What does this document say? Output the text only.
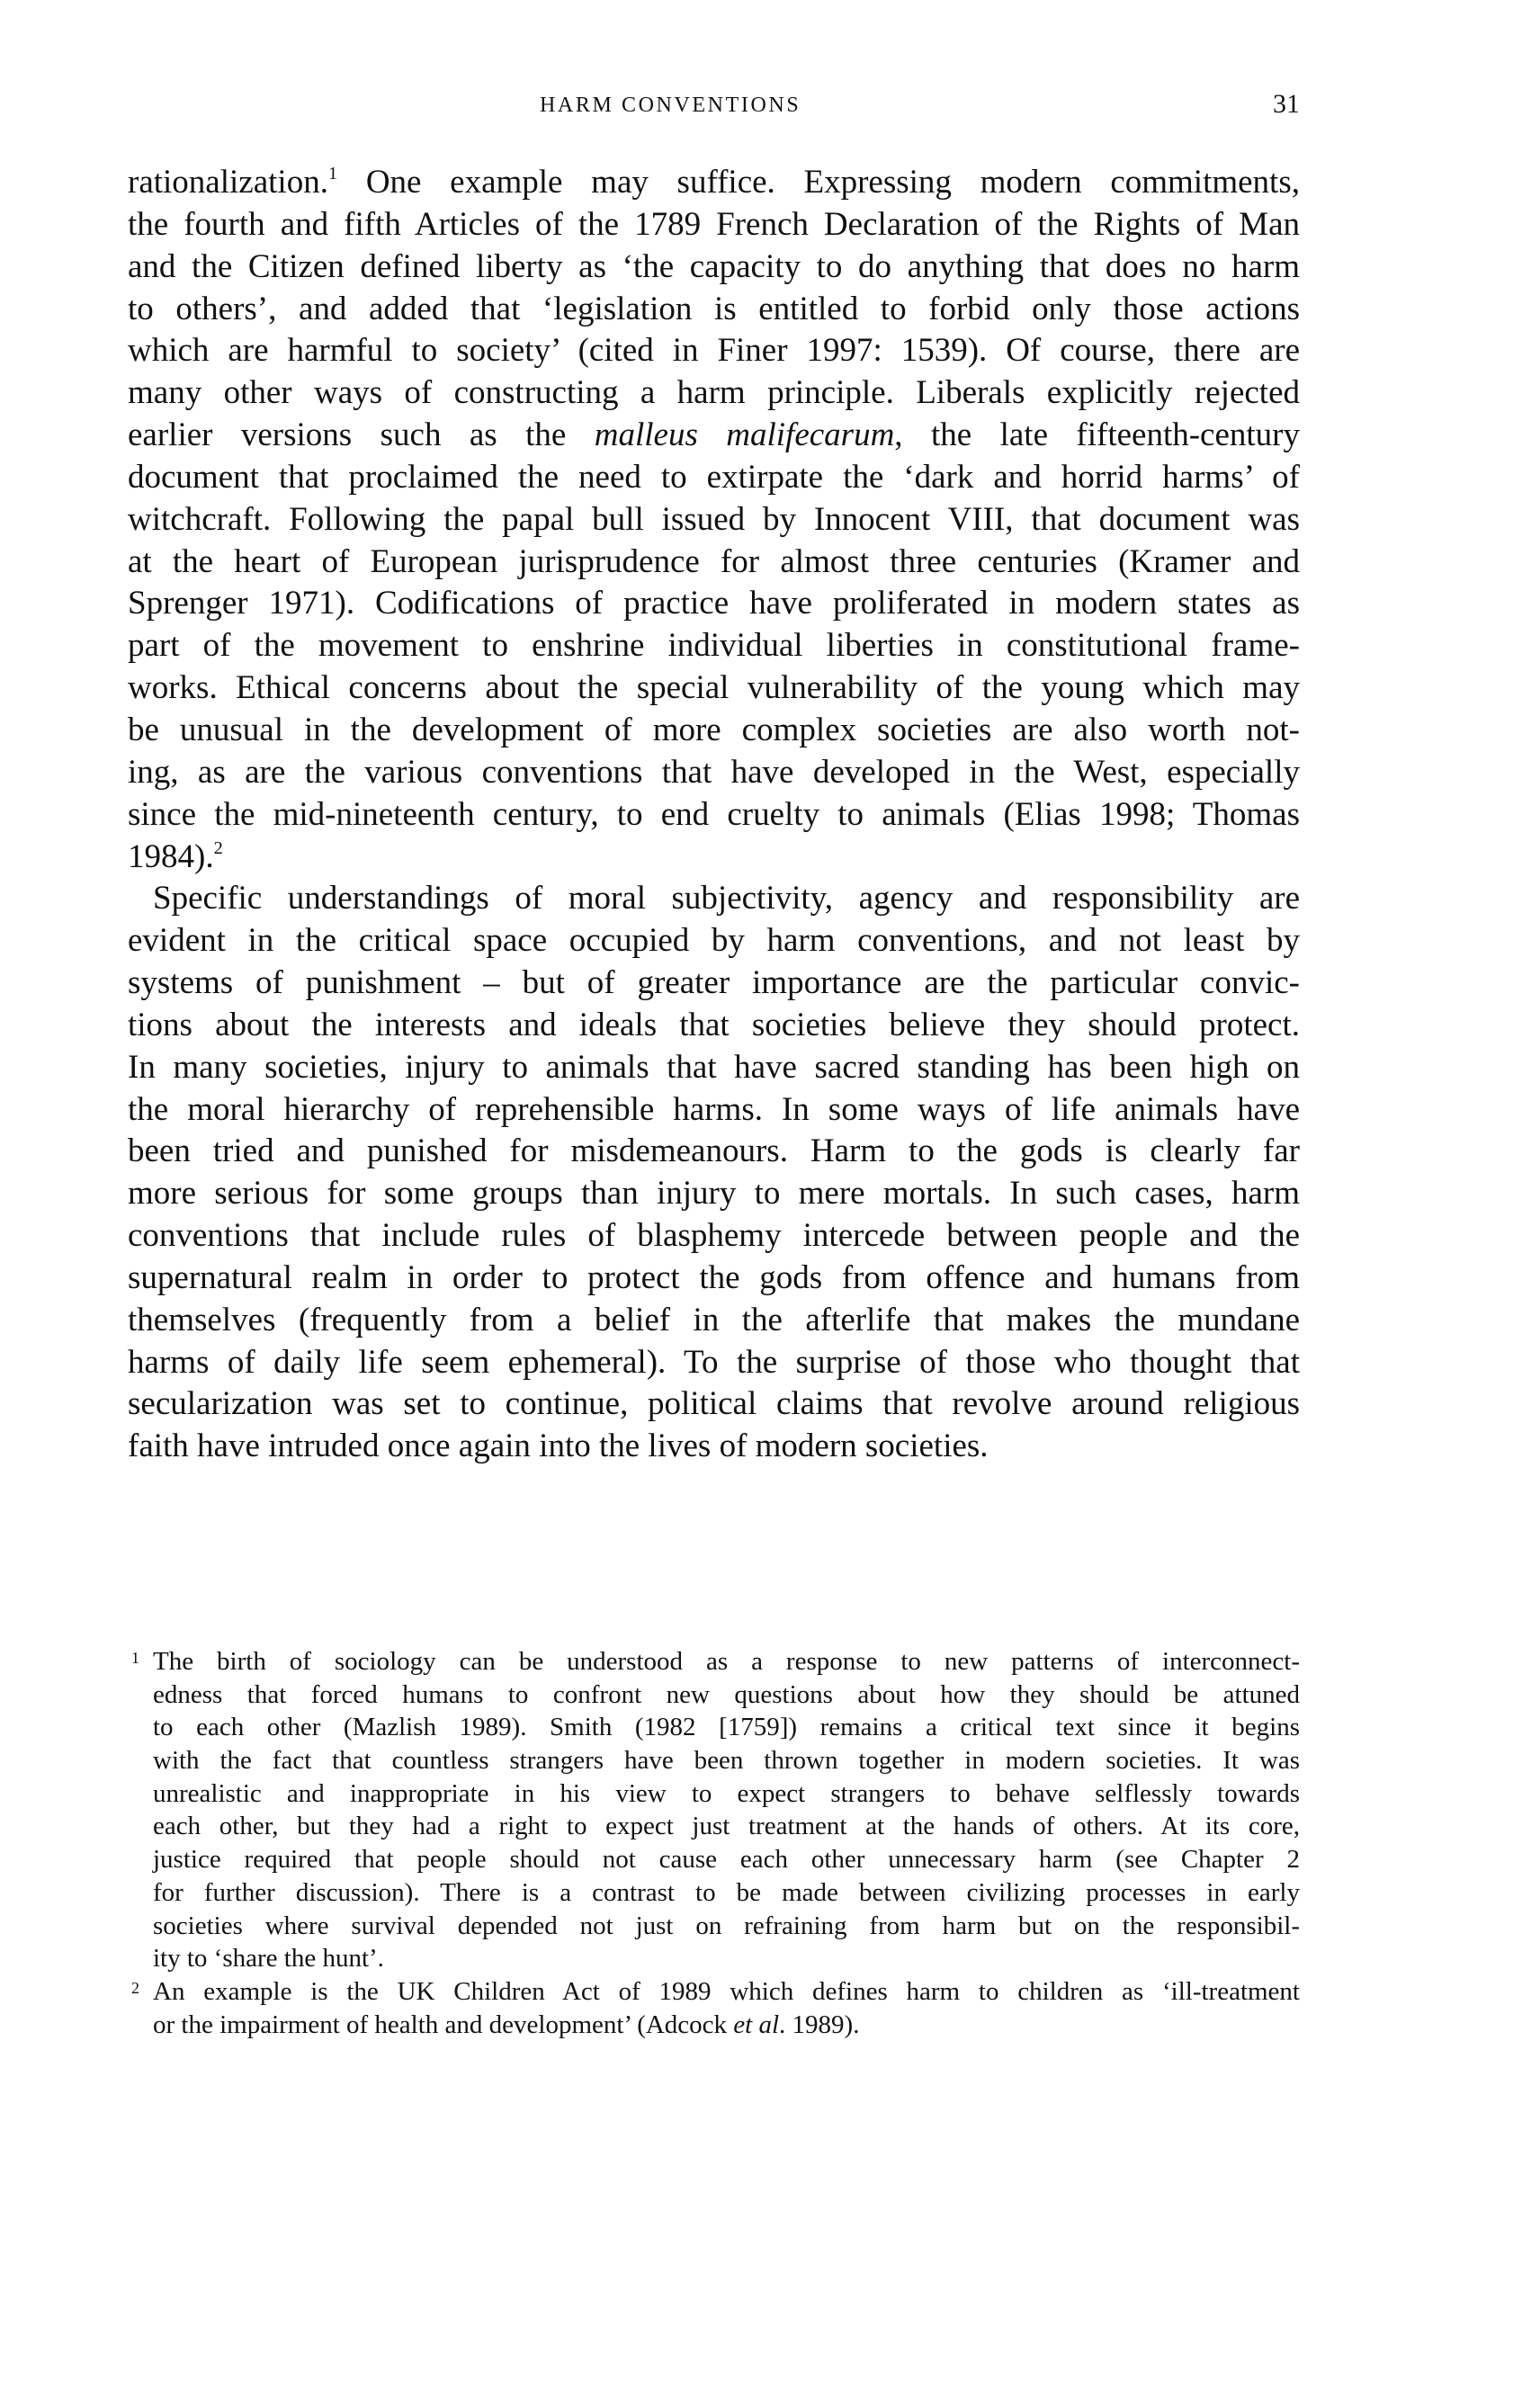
HARM CONVENTIONS	31
rationalization.$^1$ One example may suffice. Expressing modern commitments,
the fourth and fifth Articles of the 1789 French Declaration of the Rights of Man
and the Citizen defined liberty as ‘the capacity to do anything that does no harm
to others’, and added that ‘legislation is entitled to forbid only those actions
which are harmful to society’ (cited in Finer 1997: 1539). Of course, there are
many other ways of constructing a harm principle. Liberals explicitly rejected
earlier versions such as the malleus malifecarum, the late fifteenth-century
document that proclaimed the need to extirpate the ‘dark and horrid harms’ of
witchcraft. Following the papal bull issued by Innocent VIII, that document was
at the heart of European jurisprudence for almost three centuries (Kramer and
Sprenger 1971). Codifications of practice have proliferated in modern states as
part of the movement to enshrine individual liberties in constitutional frame-
works. Ethical concerns about the special vulnerability of the young which may
be unusual in the development of more complex societies are also worth not-
ing, as are the various conventions that have developed in the West, especially
since the mid-nineteenth century, to end cruelty to animals (Elias 1998; Thomas
1984).$^2$
Specific understandings of moral subjectivity, agency and responsibility are
evident in the critical space occupied by harm conventions, and not least by
systems of punishment – but of greater importance are the particular convic-
tions about the interests and ideals that societies believe they should protect.
In many societies, injury to animals that have sacred standing has been high on
the moral hierarchy of reprehensible harms. In some ways of life animals have
been tried and punished for misdemeanours. Harm to the gods is clearly far
more serious for some groups than injury to mere mortals. In such cases, harm
conventions that include rules of blasphemy intercede between people and the
supernatural realm in order to protect the gods from offence and humans from
themselves (frequently from a belief in the afterlife that makes the mundane
harms of daily life seem ephemeral). To the surprise of those who thought that
secularization was set to continue, political claims that revolve around religious
faith have intruded once again into the lives of modern societies.
1 The birth of sociology can be understood as a response to new patterns of interconnect-
edness that forced humans to confront new questions about how they should be attuned
to each other (Mazlish 1989). Smith (1982 [1759]) remains a critical text since it begins
with the fact that countless strangers have been thrown together in modern societies. It was
unrealistic and inappropriate in his view to expect strangers to behave selflessly towards
each other, but they had a right to expect just treatment at the hands of others. At its core,
justice required that people should not cause each other unnecessary harm (see Chapter 2
for further discussion). There is a contrast to be made between civilizing processes in early
societies where survival depended not just on refraining from harm but on the responsibil-
ity to ‘share the hunt’.
2 An example is the UK Children Act of 1989 which defines harm to children as ‘ill-treatment
or the impairment of health and development’ (Adcock et al. 1989).
